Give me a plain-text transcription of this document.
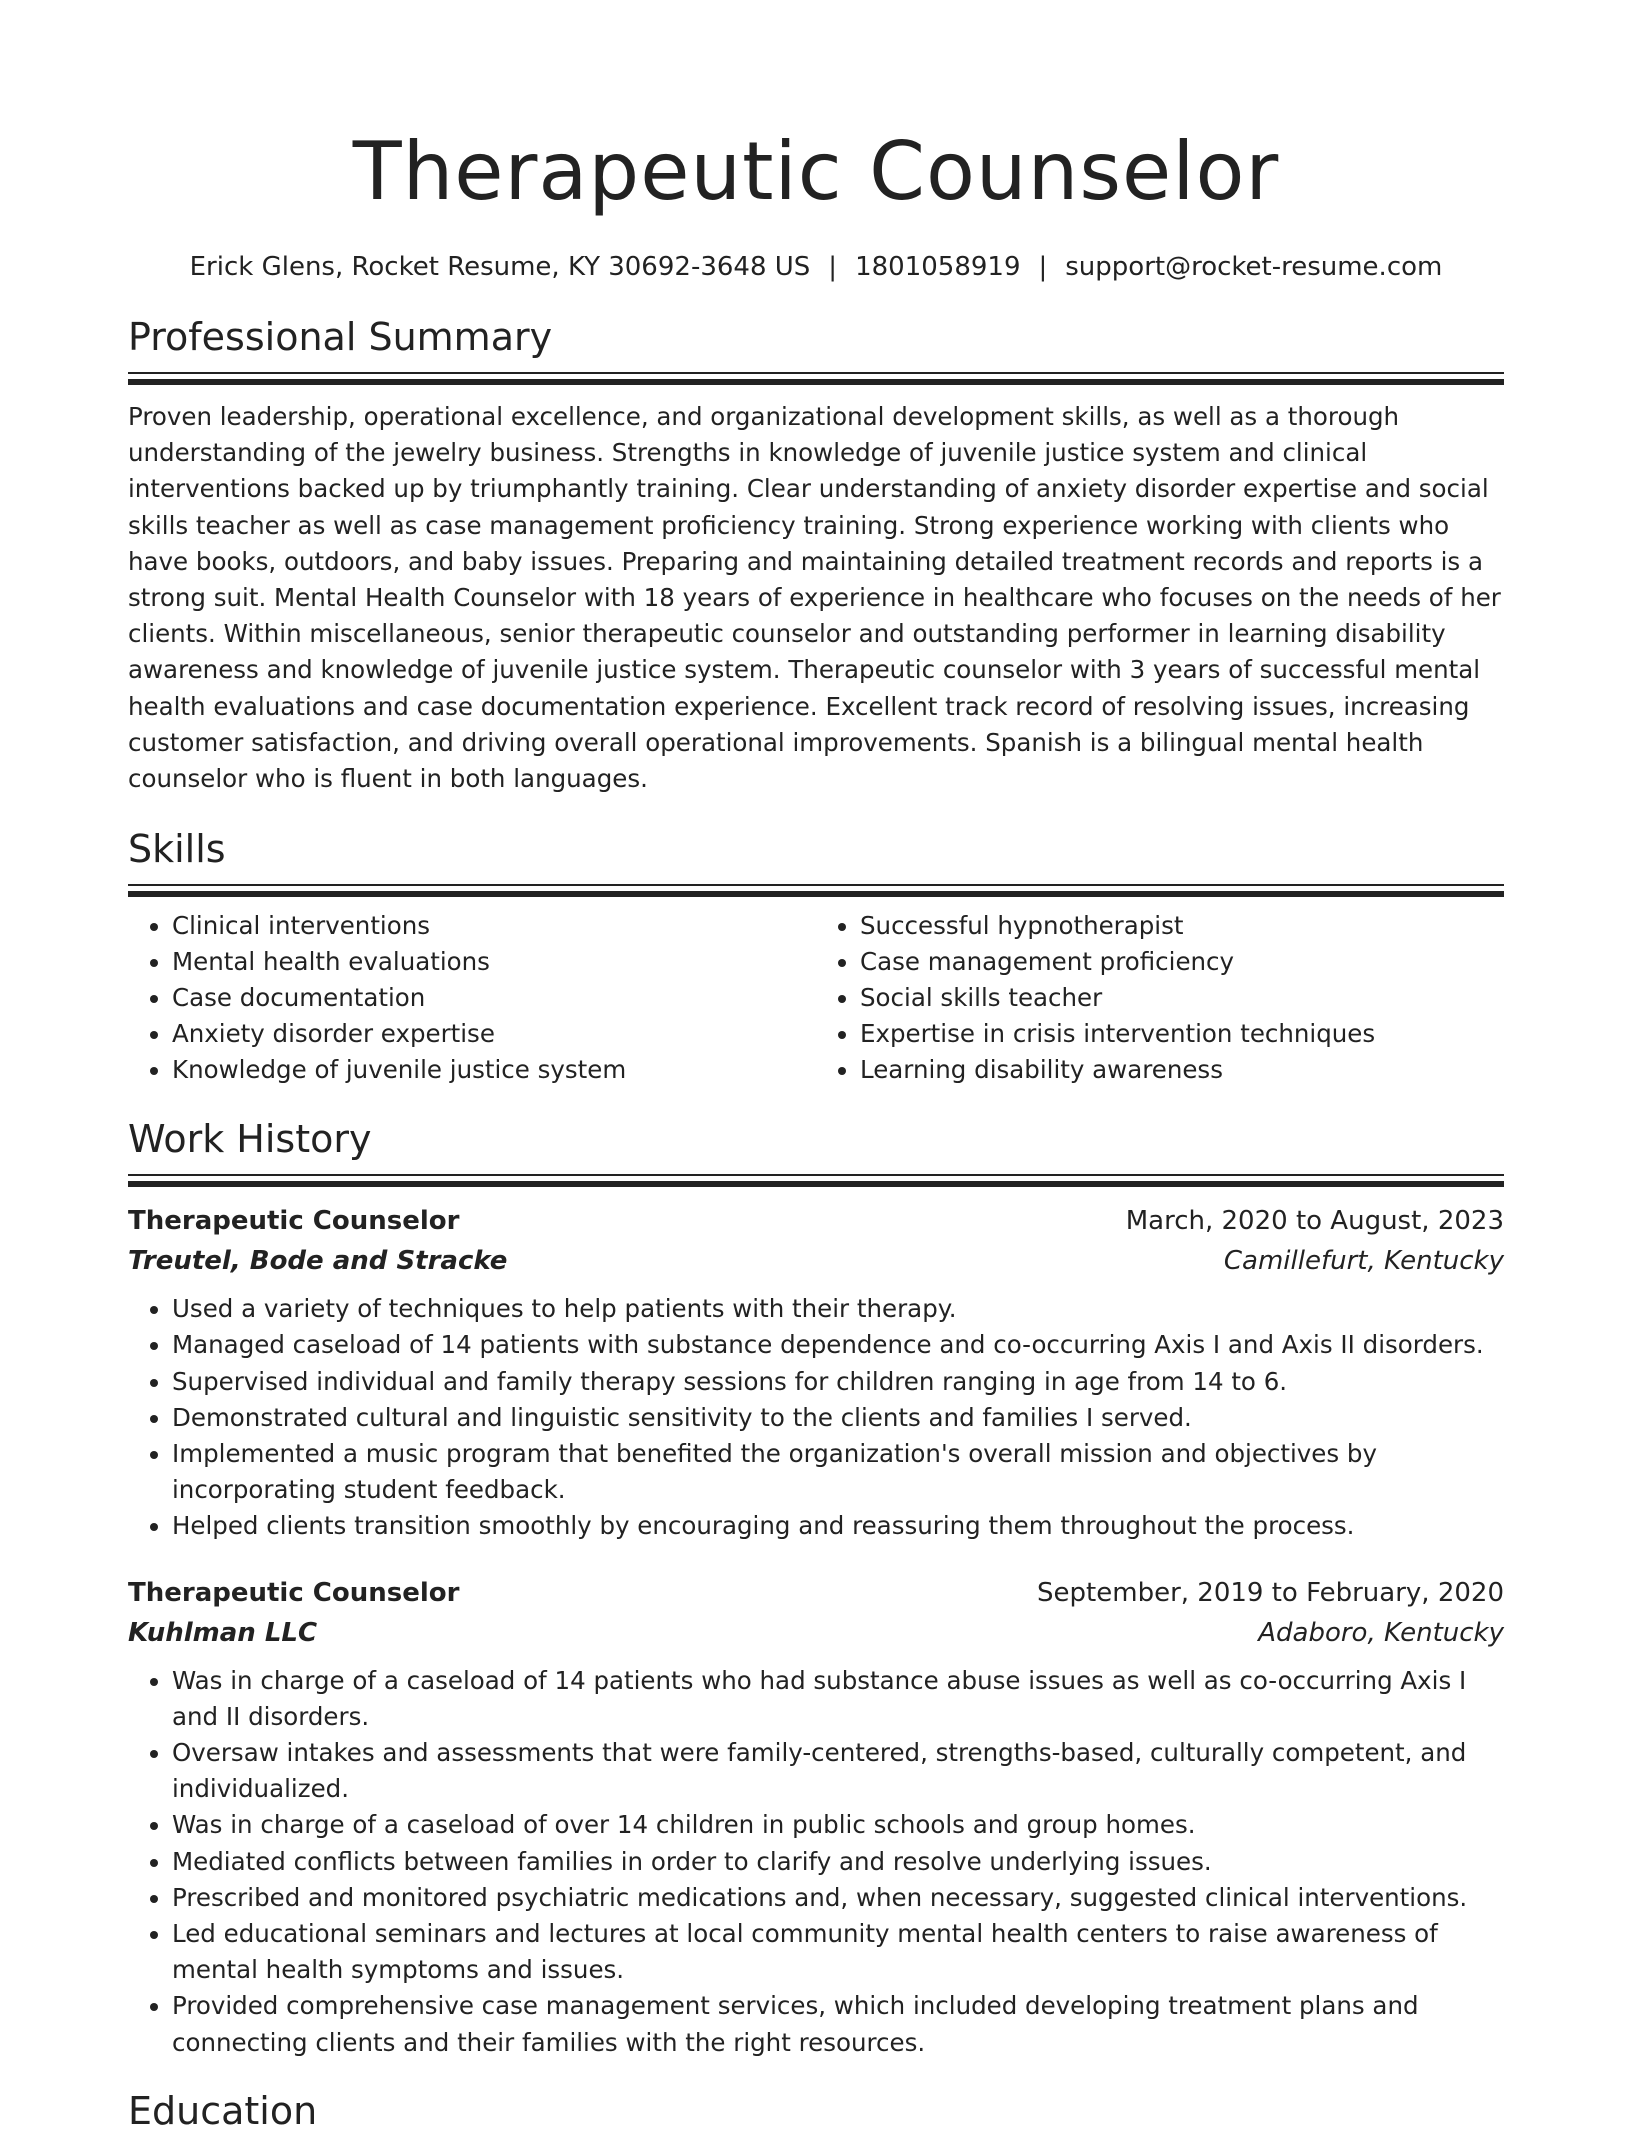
Therapeutic Counselor
Erick Glens, Rocket Resume, KY 30692-3648 US | 1801058919 | support@rocket-resume.com
Professional Summary

Proven leadership, operational excellence, and organizational development skills, as well as a thorough understanding of the jewelry business. Strengths in knowledge of juvenile justice system and clinical interventions backed up by triumphantly training. Clear understanding of anxiety disorder expertise and social skills teacher as well as case management proficiency training. Strong experience working with clients who have books, outdoors, and baby issues. Preparing and maintaining detailed treatment records and reports is a strong suit. Mental Health Counselor with 18 years of experience in healthcare who focuses on the needs of her clients. Within miscellaneous, senior therapeutic counselor and outstanding performer in learning disability awareness and knowledge of juvenile justice system. Therapeutic counselor with 3 years of successful mental health evaluations and case documentation experience. Excellent track record of resolving issues, increasing customer satisfaction, and driving overall operational improvements. Spanish is a bilingual mental health counselor who is fluent in both languages.

Skills
• Clinical interventions
• Mental health evaluations
• Case documentation
• Anxiety disorder expertise
• Knowledge of juvenile justice system
• Successful hypnotherapist
• Case management proficiency
• Social skills teacher
• Expertise in crisis intervention techniques
• Learning disability awareness
Work History
Therapeutic Counselor	March, 2020 to August, 2023
Treutel, Bode and Stracke	Camillefurt, Kentucky
• Used a variety of techniques to help patients with their therapy.
• Managed caseload of 14 patients with substance dependence and co-occurring Axis I and Axis II disorders.
• Supervised individual and family therapy sessions for children ranging in age from 14 to 6.
• Demonstrated cultural and linguistic sensitivity to the clients and families I served.
• Implemented a music program that benefited the organization's overall mission and objectives by incorporating student feedback.
• Helped clients transition smoothly by encouraging and reassuring them throughout the process.
Therapeutic Counselor	September, 2019 to February, 2020
Kuhlman LLC	Adaboro, Kentucky
• Was in charge of a caseload of 14 patients who had substance abuse issues as well as co-occurring Axis I and II disorders.
• Oversaw intakes and assessments that were family-centered, strengths-based, culturally competent, and individualized.
• Was in charge of a caseload of over 14 children in public schools and group homes.
• Mediated conflicts between families in order to clarify and resolve underlying issues.
• Prescribed and monitored psychiatric medications and, when necessary, suggested clinical interventions.
• Led educational seminars and lectures at local community mental health centers to raise awareness of mental health symptoms and issues.
• Provided comprehensive case management services, which included developing treatment plans and connecting clients and their families with the right resources.
Education
